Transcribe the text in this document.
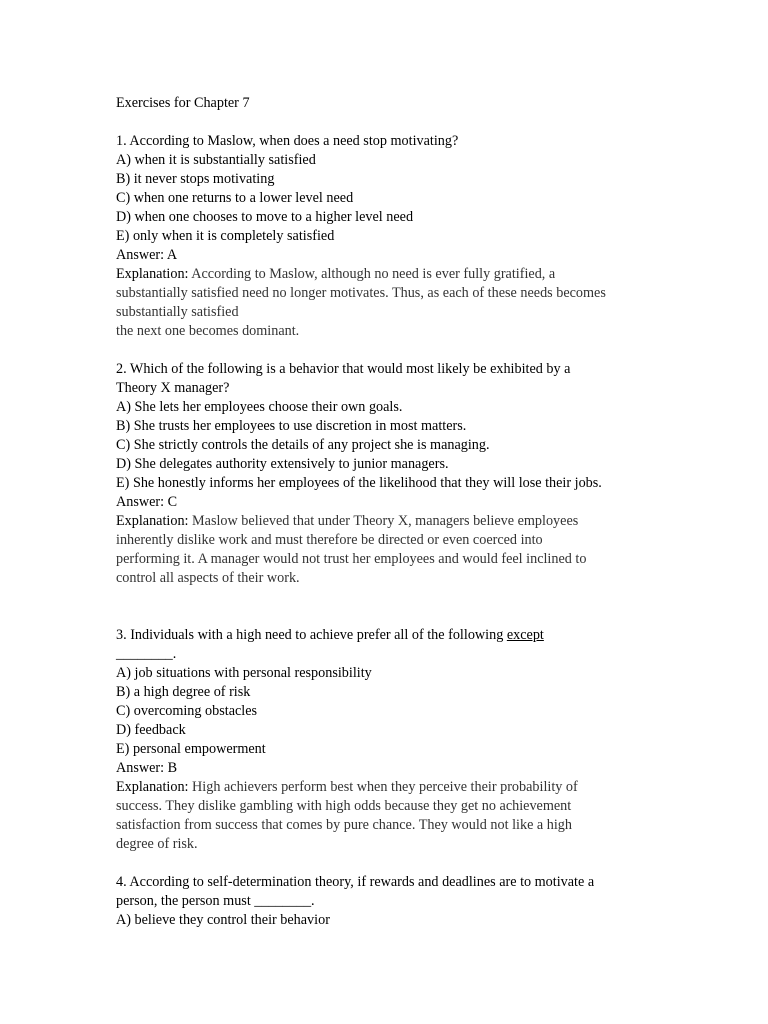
Exercises for Chapter 7
1. According to Maslow, when does a need stop motivating?
A) when it is substantially satisfied
B) it never stops motivating
C) when one returns to a lower level need
D) when one chooses to move to a higher level need
E) only when it is completely satisfied
Answer: A
Explanation: According to Maslow, although no need is ever fully gratified, a
substantially satisfied need no longer motivates. Thus, as each of these needs becomes
substantially satisfied
the next one becomes dominant.
2. Which of the following is a behavior that would most likely be exhibited by a
Theory X manager?
A) She lets her employees choose their own goals.
B) She trusts her employees to use discretion in most matters.
C) She strictly controls the details of any project she is managing.
D) She delegates authority extensively to junior managers.
E) She honestly informs her employees of the likelihood that they will lose their jobs.
Answer: C
Explanation: Maslow believed that under Theory X, managers believe employees
inherently dislike work and must therefore be directed or even coerced into
performing it. A manager would not trust her employees and would feel inclined to
control all aspects of their work.
3. Individuals with a high need to achieve prefer all of the following except
________.
A) job situations with personal responsibility
B) a high degree of risk
C) overcoming obstacles
D) feedback
E) personal empowerment
Answer: B
Explanation: High achievers perform best when they perceive their probability of
success. They dislike gambling with high odds because they get no achievement
satisfaction from success that comes by pure chance. They would not like a high
degree of risk.
4. According to self-determination theory, if rewards and deadlines are to motivate a
person, the person must ________.
A) believe they control their behavior
